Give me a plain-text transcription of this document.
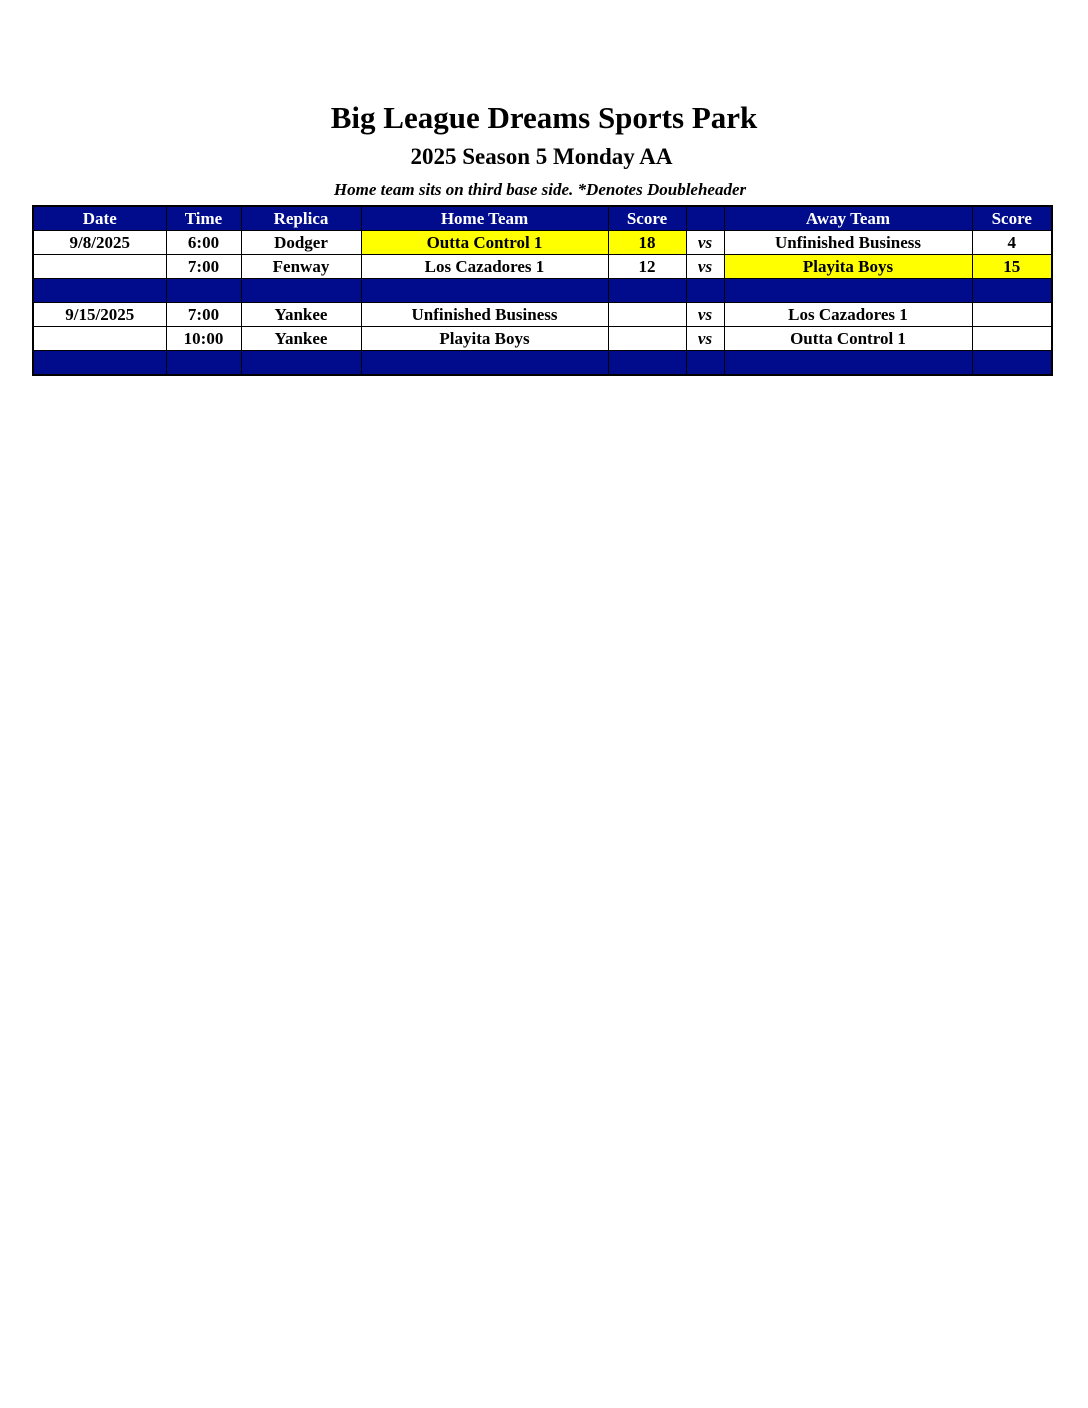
Big League Dreams Sports Park
2025 Season 5 Monday AA

Home team sits on third base side. *Denotes Doubleheader

Date	Time	Replica	Home Team	Score		Away Team	Score
9/8/2025	6:00	Dodger	Outta Control 1	18	vs	Unfinished Business	4
	7:00	Fenway	Los Cazadores 1	12	vs	Playita Boys	15

9/15/2025	7:00	Yankee	Unfinished Business		vs	Los Cazadores 1	
	10:00	Yankee	Playita Boys		vs	Outta Control 1	
